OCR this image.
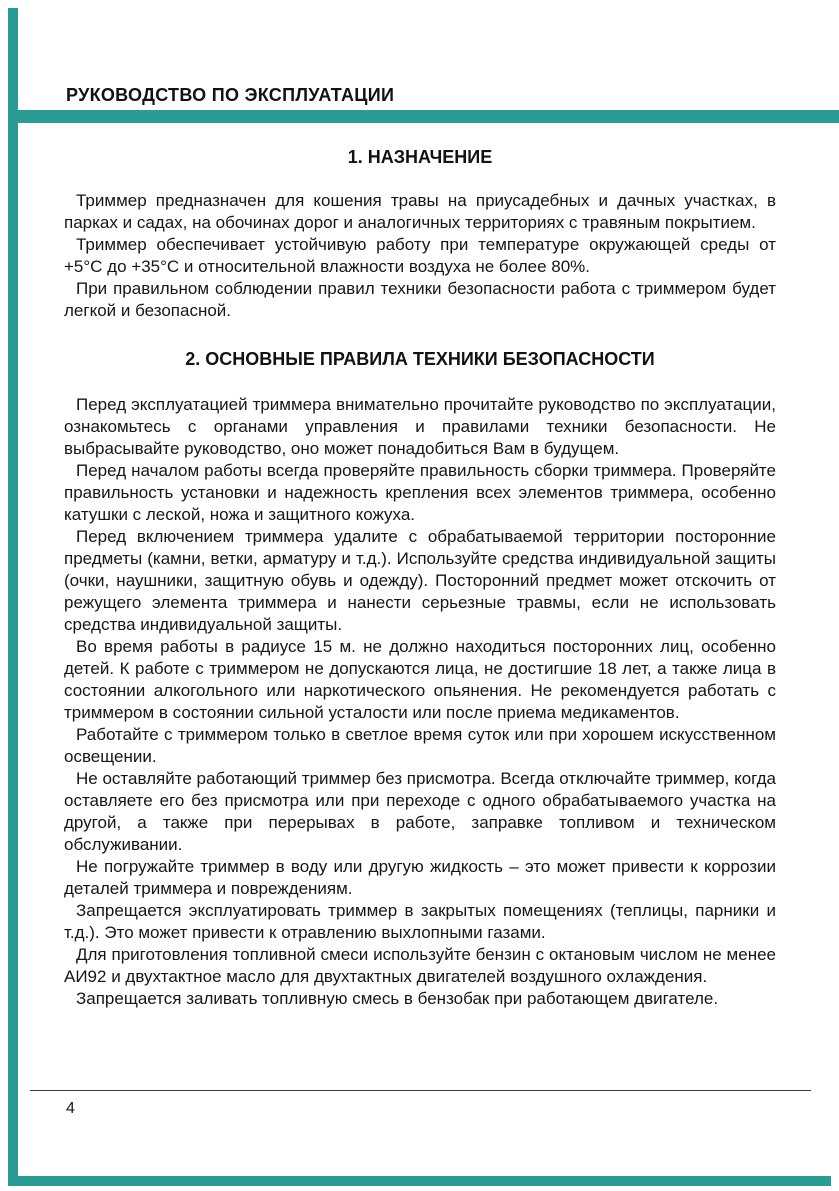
РУКОВОДСТВО ПО ЭКСПЛУАТАЦИИ
1. НАЗНАЧЕНИЕ

Триммер предназначен для кошения травы на приусадебных и дачных участках, в парках и садах, на обочинах дорог и аналогичных территориях с травяным покрытием.

Триммер обеспечивает устойчивую работу при температуре окружающей среды от +5°С до +35°С и относительной влажности воздуха не более 80%.

При правильном соблюдении правил техники безопасности работа с триммером будет легкой и безопасной.

2. ОСНОВНЫЕ ПРАВИЛА ТЕХНИКИ БЕЗОПАСНОСТИ

Перед эксплуатацией триммера внимательно прочитайте руководство по эксплуатации, ознакомьтесь с органами управления и правилами техники безопасности. Не выбрасывайте руководство, оно может понадобиться Вам в будущем.

Перед началом работы всегда проверяйте правильность сборки триммера. Проверяйте правильность установки и надежность крепления всех элементов триммера, особенно катушки с леской, ножа и защитного кожуха.

Перед включением триммера удалите с обрабатываемой территории посторонние предметы (камни, ветки, арматуру и т.д.). Используйте средства индивидуальной защиты (очки, наушники, защитную обувь и одежду). Посторонний предмет может отскочить от режущего элемента триммера и нанести серьезные травмы, если не использовать средства индивидуальной защиты.

Во время работы в радиусе 15 м. не должно находиться посторонних лиц, особенно детей. К работе с триммером не допускаются лица, не достигшие 18 лет, а также лица в состоянии алкогольного или наркотического опьянения. Не рекомендуется работать с триммером в состоянии сильной усталости или после приема медикаментов.

Работайте с триммером только в светлое время суток или при хорошем искусственном освещении.

Не оставляйте работающий триммер без присмотра. Всегда отключайте триммер, когда оставляете его без присмотра или при переходе с одного обрабатываемого участка на другой, а также при перерывах в работе, заправке топливом и техническом обслуживании.

Не погружайте триммер в воду или другую жидкость – это может привести к коррозии деталей триммера и повреждениям.

Запрещается эксплуатировать триммер в закрытых помещениях (теплицы, парники и т.д.). Это может привести к отравлению выхлопными газами.

Для приготовления топливной смеси используйте бензин с октановым числом не менее АИ92 и двухтактное масло для двухтактных двигателей воздушного охлаждения.

Запрещается заливать топливную смесь в бензобак при работающем двигателе.

4
